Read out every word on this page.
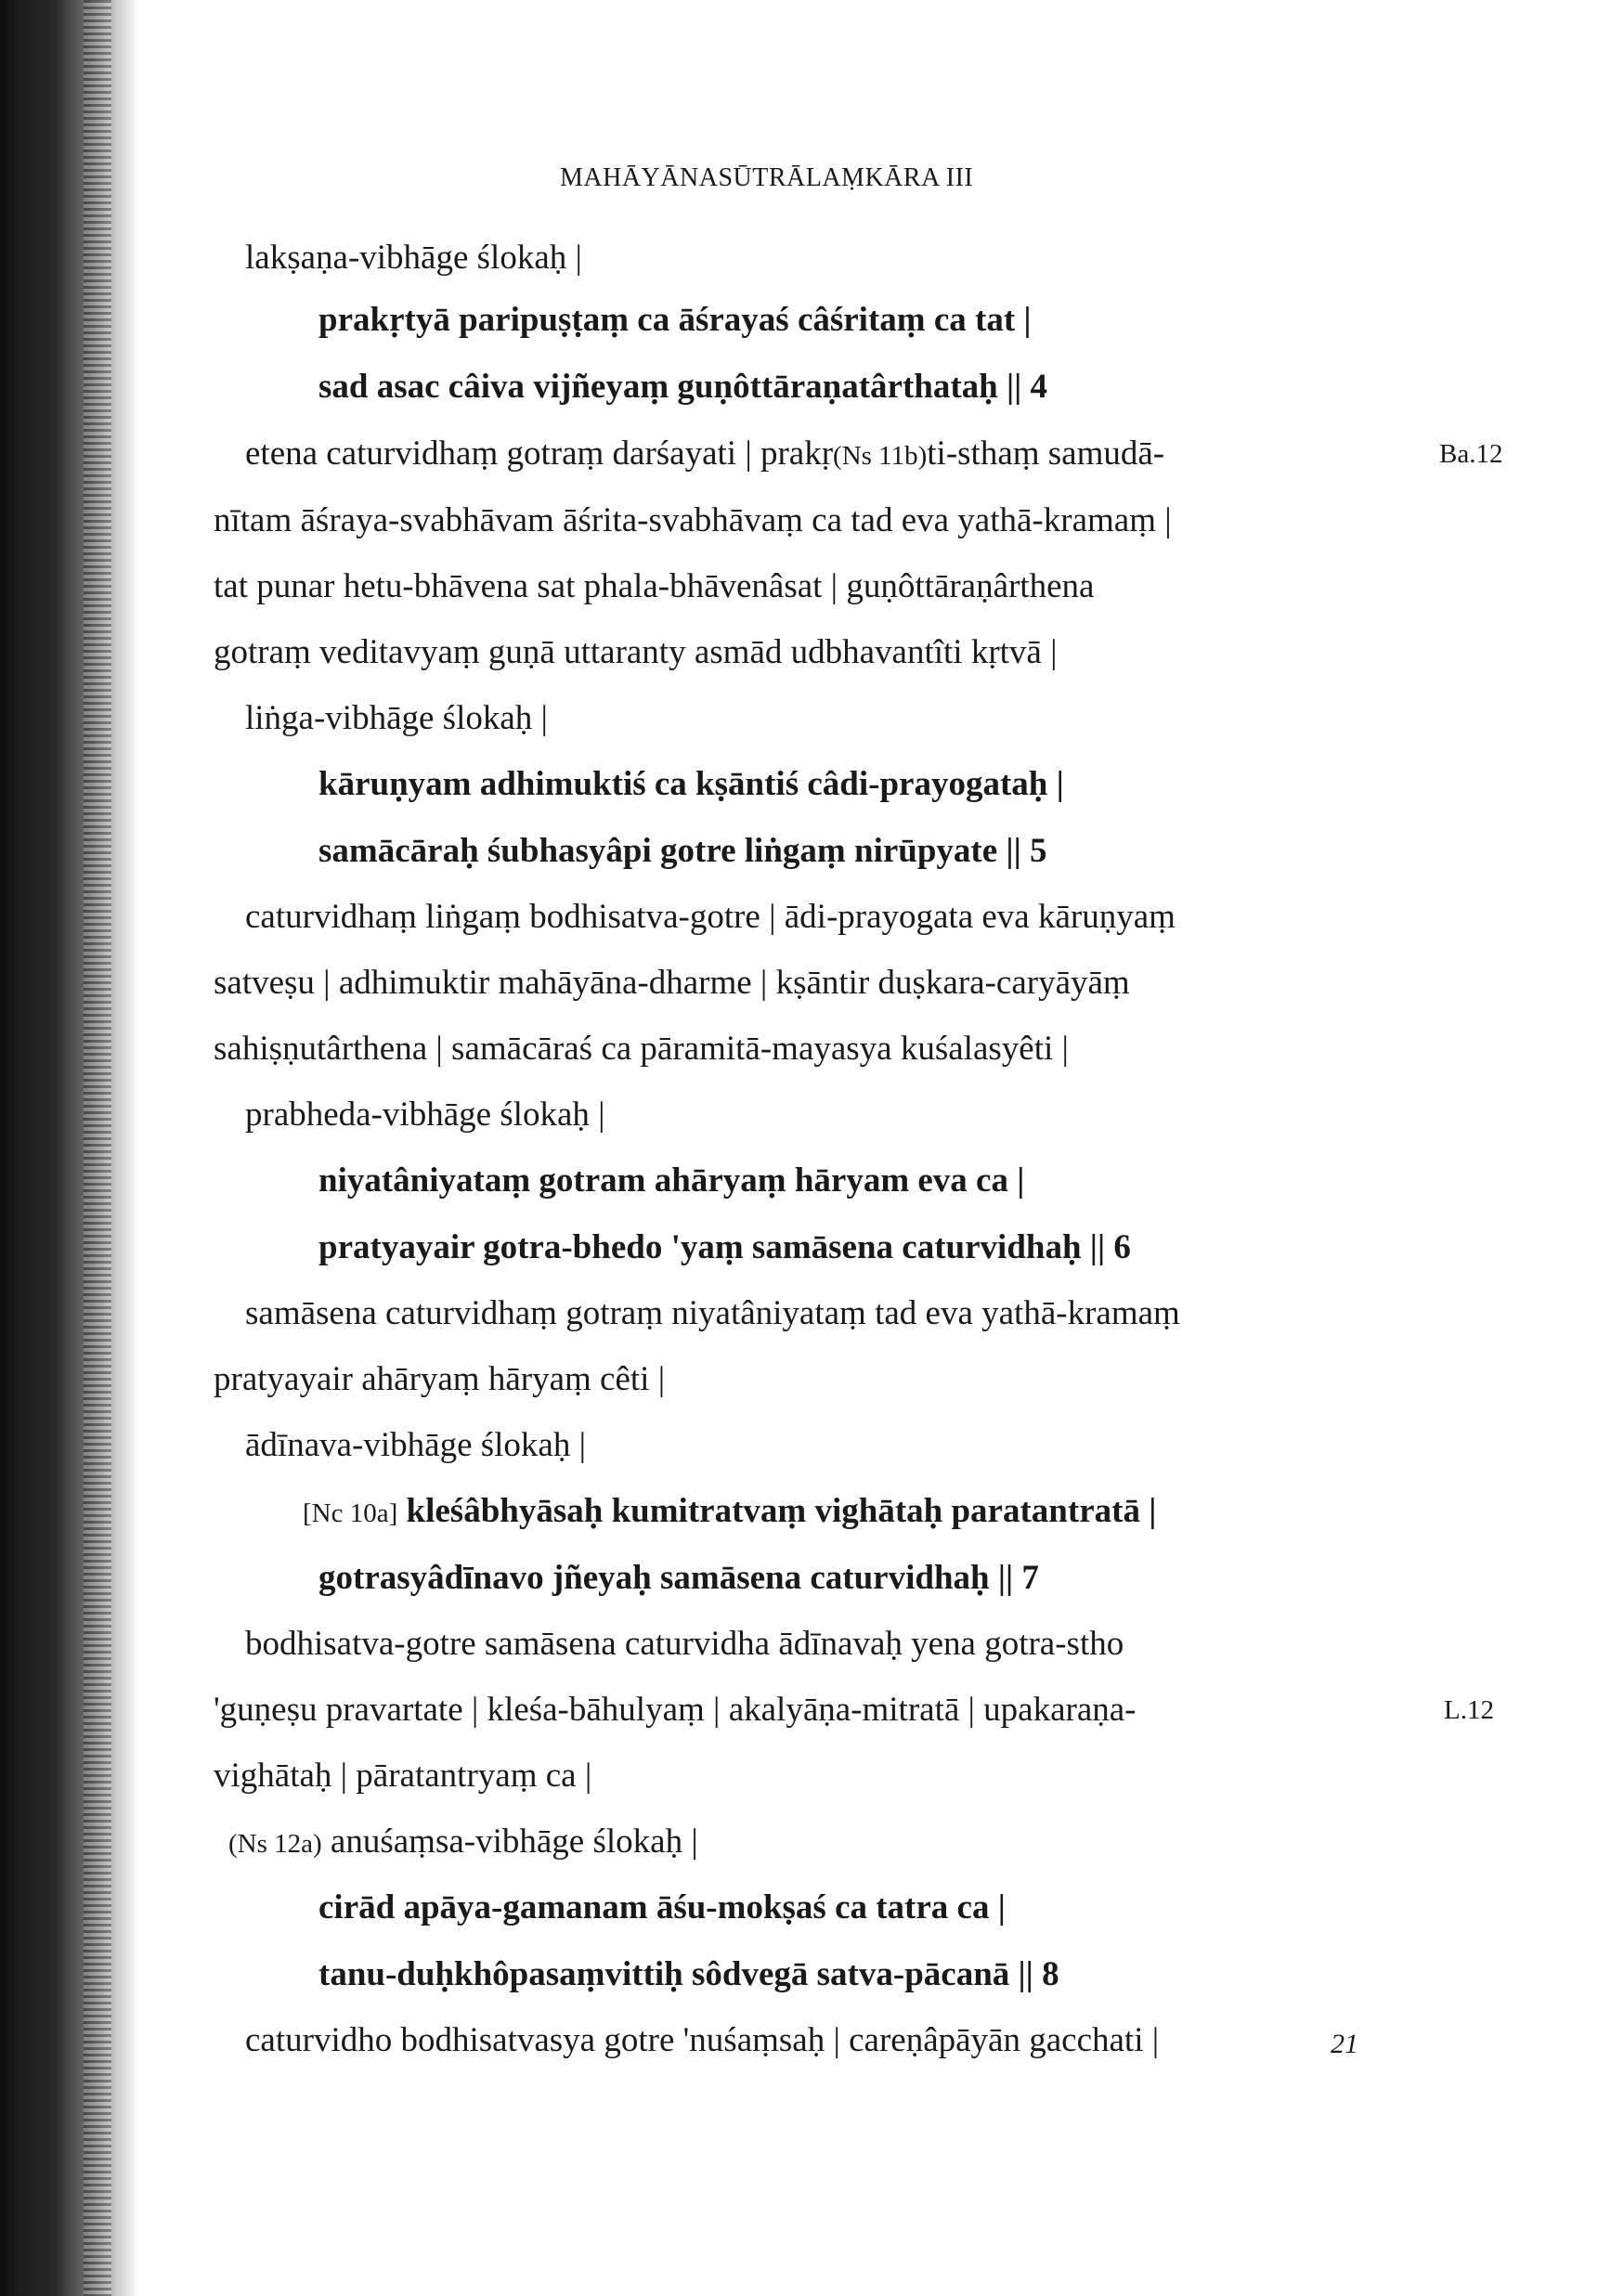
MAHĀYĀNASŪTRĀLAṂKĀRA III
lakṣaṇa-vibhāge ślokaḥ |
prakṛtyā paripuṣṭaṃ ca āśrayaś câśritaṃ ca tat |
sad asac câiva vijñeyaṃ guṇôttāraṇatârthataḥ || 4
etena caturvidhaṃ gotraṃ darśayati | prakṛ(Ns 11b)ti-sthaṃ samudā-	Ba.12
nītam āśraya-svabhāvam āśrita-svabhāvaṃ ca tad eva yathā-kramaṃ |
tat punar hetu-bhāvena sat phala-bhāvenâsat | guṇôttāraṇârthena
gotraṃ veditavyaṃ guṇā uttaranty asmād udbhavantîti kṛtvā |
liṅga-vibhāge ślokaḥ |
kāruṇyam adhimuktiś ca kṣāntiś câdi-prayogataḥ |
samācāraḥ śubhasyâpi gotre liṅgaṃ nirūpyate || 5
caturvidhaṃ liṅgaṃ bodhisatva-gotre | ādi-prayogata eva kāruṇyaṃ
satveṣu | adhimuktir mahāyāna-dharme | kṣāntir duṣkara-caryāyāṃ
sahiṣṇutârthena | samācāraś ca pāramitā-mayasya kuśalasyêti |
prabheda-vibhāge ślokaḥ |
niyatâniyataṃ gotram ahāryaṃ hāryam eva ca |
pratyayair gotra-bhedo 'yaṃ samāsena caturvidhaḥ || 6
samāsena caturvidhaṃ gotraṃ niyatâniyataṃ tad eva yathā-kramaṃ
pratyayair ahāryaṃ hāryaṃ cêti |
ādīnava-vibhāge ślokaḥ |
[Nc 10a] kleśâbhyāsaḥ kumitratvaṃ vighātaḥ paratantratā |
gotrasyâdīnavo jñeyaḥ samāsena caturvidhaḥ || 7
bodhisatva-gotre samāsena caturvidha ādīnavaḥ yena gotra-stho
'guṇeṣu pravartate | kleśa-bāhulyaṃ | akalyāṇa-mitratā | upakaraṇa-	L.12
vighātaḥ | pāratantryaṃ ca |
(Ns 12a) anuśaṃsa-vibhāge ślokaḥ |
cirād apāya-gamanam āśu-mokṣaś ca tatra ca |
tanu-duḥkhôpasaṃvittiḥ sôdvegā satva-pācanā || 8
caturvidho bodhisatvasya gotre 'nuśaṃsaḥ | careṇâpāyān gacchati |	21
